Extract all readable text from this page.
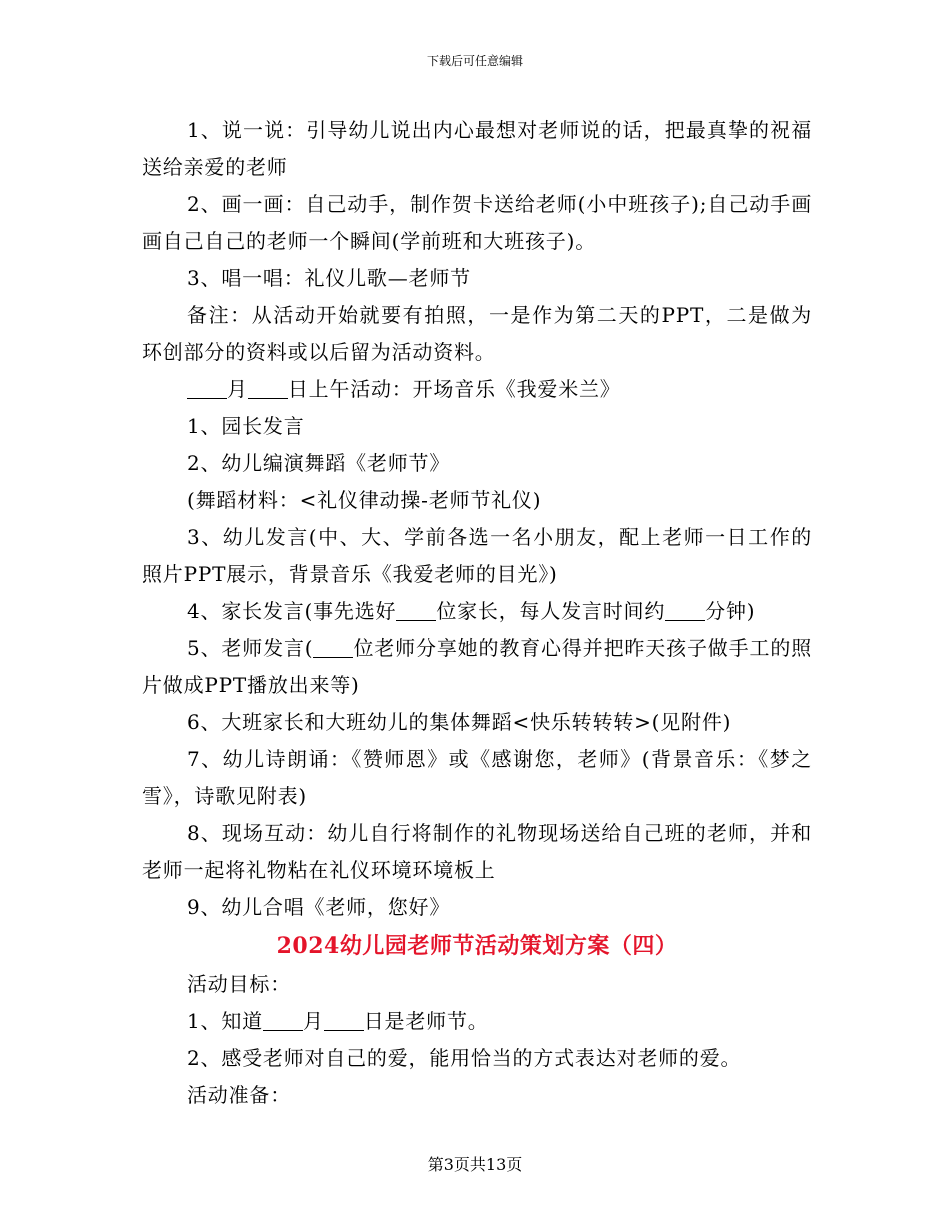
下载后可任意编辑

1、说一说：引导幼儿说出内心最想对老师说的话，把最真挚的祝福送给亲爱的老师

2、画一画：自己动手，制作贺卡送给老师(小中班孩子);自己动手画画自己自己的老师一个瞬间(学前班和大班孩子)。

3、唱一唱：礼仪儿歌—老师节

备注：从活动开始就要有拍照，一是作为第二天的PPT，二是做为环创部分的资料或以后留为活动资料。

月 日上午活动：开场音乐《我爱米兰》

1、园长发言

2、幼儿编演舞蹈《老师节》

(舞蹈材料：<礼仪律动操-老师节礼仪)

3、幼儿发言(中、大、学前各选一名小朋友，配上老师一日工作的照片PPT展示，背景音乐《我爱老师的目光》)

4、家长发言(事先选好 位家长，每人发言时间约 分钟)

5、老师发言( 位老师分享她的教育心得并把昨天孩子做手工的照片做成PPT播放出来等)

6、大班家长和大班幼儿的集体舞蹈<快乐转转转>(见附件)

7、幼儿诗朗诵：《赞师恩》或《感谢您，老师》(背景音乐：《梦之雪》，诗歌见附表)

8、现场互动：幼儿自行将制作的礼物现场送给自己班的老师，并和老师一起将礼物粘在礼仪环境环境板上

9、幼儿合唱《老师，您好》

2024幼儿园老师节活动策划方案（四）

活动目标：

1、知道 月 日是老师节。

2、感受老师对自己的爱，能用恰当的方式表达对老师的爱。

活动准备：

第3页共13页
